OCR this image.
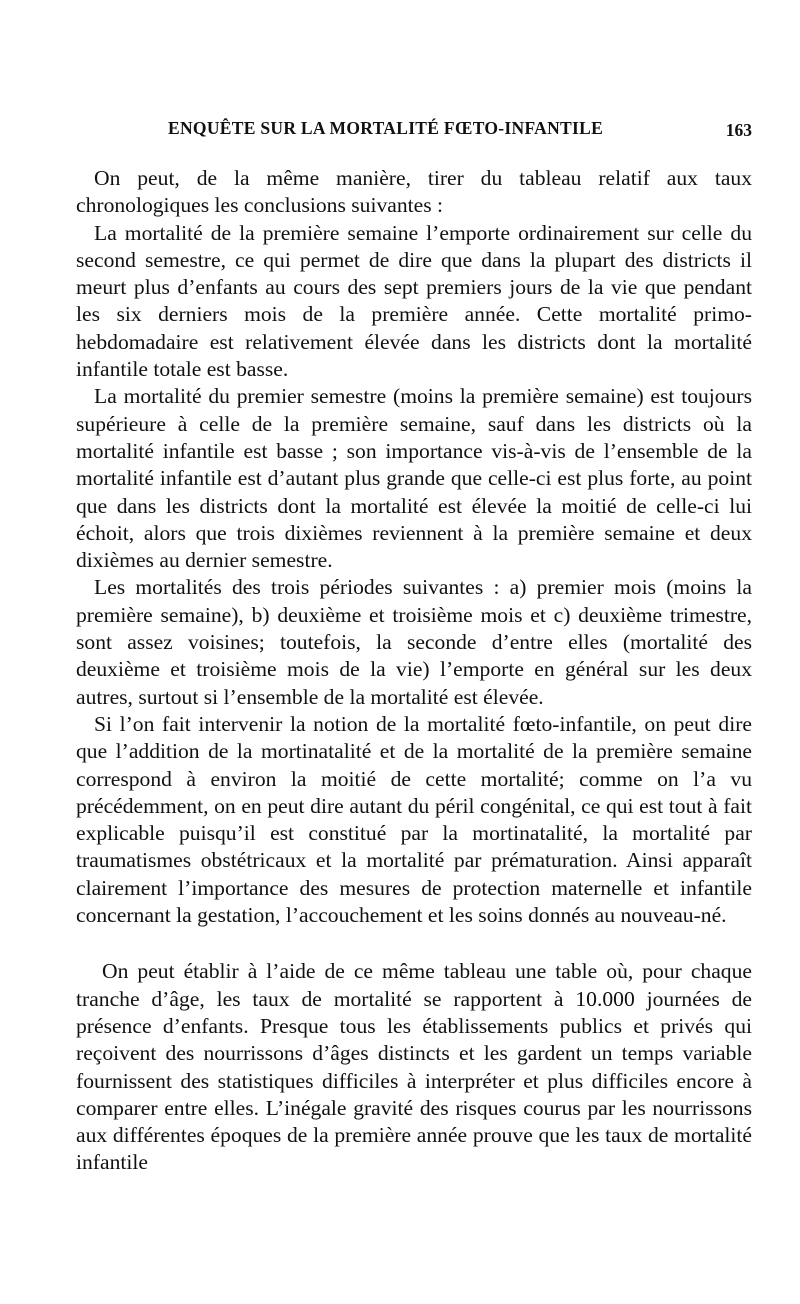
ENQUÊTE SUR LA MORTALITÉ FŒTO-INFANTILE	163

On peut, de la même manière, tirer du tableau relatif aux taux chronologiques les conclusions suivantes :

La mortalité de la première semaine l’emporte ordinairement sur celle du second semestre, ce qui permet de dire que dans la plupart des districts il meurt plus d’enfants au cours des sept premiers jours de la vie que pendant les six derniers mois de la première année. Cette mortalité primo-hebdomadaire est relativement élevée dans les districts dont la mortalité infantile totale est basse.

La mortalité du premier semestre (moins la première semaine) est toujours supérieure à celle de la première semaine, sauf dans les districts où la mortalité infantile est basse ; son importance vis-à-vis de l’ensemble de la mortalité infantile est d’autant plus grande que celle-ci est plus forte, au point que dans les districts dont la mortalité est élevée la moitié de celle-ci lui échoit, alors que trois dixièmes reviennent à la première semaine et deux dixièmes au dernier semestre.

Les mortalités des trois périodes suivantes : a) premier mois (moins la première semaine), b) deuxième et troisième mois et c) deuxième trimestre, sont assez voisines; toutefois, la seconde d’entre elles (mortalité des deuxième et troisième mois de la vie) l’emporte en général sur les deux autres, surtout si l’ensemble de la mortalité est élevée.

Si l’on fait intervenir la notion de la mortalité fœto-infantile, on peut dire que l’addition de la mortinatalité et de la mortalité de la première semaine correspond à environ la moitié de cette mortalité; comme on l’a vu précédemment, on en peut dire autant du péril congénital, ce qui est tout à fait explicable puisqu’il est constitué par la mortinatalité, la mortalité par traumatismes obstétricaux et la mortalité par prématuration. Ainsi apparaît clairement l’importance des mesures de protection maternelle et infantile concernant la gestation, l’accouchement et les soins donnés au nouveau-né.

On peut établir à l’aide de ce même tableau une table où, pour chaque tranche d’âge, les taux de mortalité se rapportent à 10.000 journées de présence d’enfants. Presque tous les établissements publics et privés qui reçoivent des nourrissons d’âges distincts et les gardent un temps variable fournissent des statistiques difficiles à interpréter et plus difficiles encore à comparer entre elles. L’inégale gravité des risques courus par les nourrissons aux différentes époques de la première année prouve que les taux de mortalité infantile
